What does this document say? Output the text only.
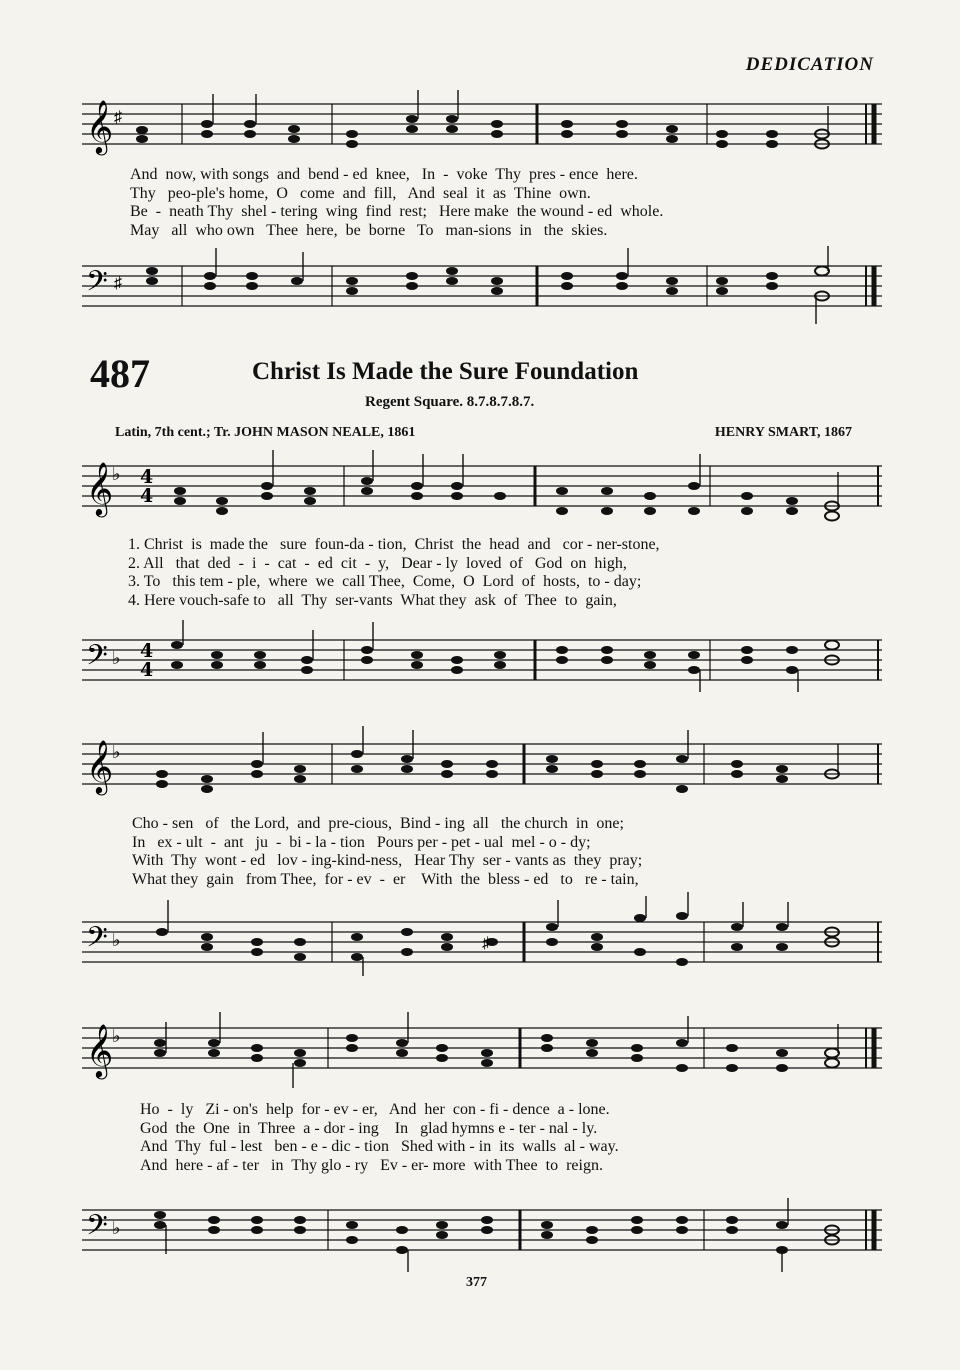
DEDICATION
𝄞 ♯
And  now, with songs  and  bend - ed  knee,   In  -  voke  Thy  pres - ence  here.
Thy   peo-ple's home,  O   come  and  fill,   And  seal  it  as  Thine  own.
Be  -  neath Thy  shel - tering  wing  find  rest;   Here make  the wound - ed  whole.
May   all  who own   Thee  here,  be  borne   To   man-sions  in   the  skies.
𝄢 ♯
487	Christ Is Made the Sure Foundation
Regent Square. 8.7.8.7.8.7.
Latin, 7th cent.; Tr. JOHN MASON NEALE, 1861	HENRY SMART, 1867
𝄞
♭ 4
4
1. Christ  is  made the   sure  foun-da - tion,  Christ  the  head  and   cor - ner-stone,
2. All   that  ded  -  i  -  cat  -  ed  cit  -  y,   Dear - ly  loved  of   God  on  high,
3. To   this tem - ple,  where  we  call Thee,  Come,  O  Lord  of  hosts,  to - day;
4. Here vouch-safe to   all  Thy  ser-vants  What they  ask  of  Thee  to  gain,
𝄢 ♭ 4
4
𝄞
♭
Cho - sen   of   the Lord,  and  pre-cious,  Bind - ing  all   the church  in  one;
In   ex - ult  -  ant   ju  -  bi - la - tion   Pours per - pet - ual  mel - o - dy;
With  Thy  wont - ed   lov - ing-kind-ness,   Hear Thy  ser - vants as  they  pray;
What they  gain   from Thee,  for - ev  -  er    With  the  bless - ed   to   re - tain,
𝄢 ♭	♯
𝄞
♭
Ho  -  ly   Zi - on's  help  for - ev - er,   And  her  con - fi - dence  a - lone.
God  the  One  in  Three  a - dor - ing    In   glad hymns e - ter - nal - ly.
And  Thy  ful - lest   ben - e - dic - tion   Shed with - in  its  walls  al - way.
And  here - af - ter   in  Thy glo - ry   Ev - er- more  with Thee  to  reign.
𝄢 ♭
377
